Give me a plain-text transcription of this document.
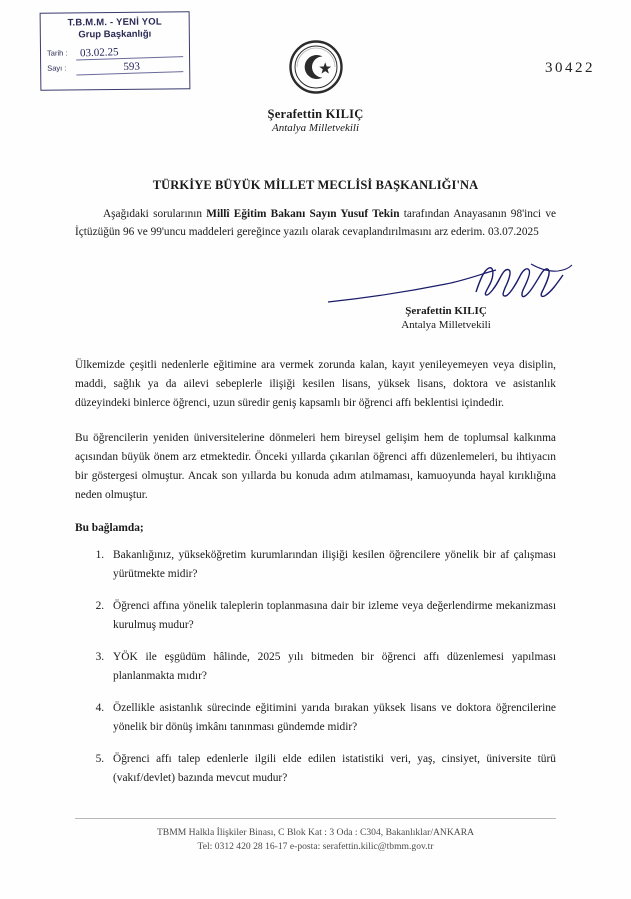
T.B.M.M. - YENİ YOL
Grup Başkanlığı
Tarih :	03.02.25
Sayı :	593	30422
Şerafettin KILIÇ
Antalya Milletvekili
TÜRKİYE BÜYÜK MİLLET MECLİSİ BAŞKANLIĞI'NA
Aşağıdaki sorularının Millî Eğitim Bakanı Sayın Yusuf Tekin tarafından Anayasanın 98'inci ve İçtüzüğün 96 ve 99'uncu maddeleri gereğince yazılı olarak cevaplandırılmasını arz ederim. 03.07.2025
Şerafettin KILIÇ
Antalya Milletvekili
Ülkemizde çeşitli nedenlerle eğitimine ara vermek zorunda kalan, kayıt yenileyemeyen veya disiplin, maddi, sağlık ya da ailevi sebeplerle ilişiği kesilen lisans, yüksek lisans, doktora ve asistanlık düzeyindeki binlerce öğrenci, uzun süredir geniş kapsamlı bir öğrenci affı beklentisi içindedir.
Bu öğrencilerin yeniden üniversitelerine dönmeleri hem bireysel gelişim hem de toplumsal kalkınma açısından büyük önem arz etmektedir. Önceki yıllarda çıkarılan öğrenci affı düzenlemeleri, bu ihtiyacın bir göstergesi olmuştur. Ancak son yıllarda bu konuda adım atılmaması, kamuoyunda hayal kırıklığına neden olmuştur.
Bu bağlamda;
1. Bakanlığınız, yükseköğretim kurumlarından ilişiği kesilen öğrencilere yönelik bir af çalışması yürütmekte midir?
2. Öğrenci affına yönelik taleplerin toplanmasına dair bir izleme veya değerlendirme mekanizması kurulmuş mudur?
3. YÖK ile eşgüdüm hâlinde, 2025 yılı bitmeden bir öğrenci affı düzenlemesi yapılması planlanmakta mıdır?
4. Özellikle asistanlık sürecinde eğitimini yarıda bırakan yüksek lisans ve doktora öğrencilerine yönelik bir dönüş imkânı tanınması gündemde midir?
5. Öğrenci affı talep edenlerle ilgili elde edilen istatistiki veri, yaş, cinsiyet, üniversite türü (vakıf/devlet) bazında mevcut mudur?
TBMM Halkla İlişkiler Binası, C Blok Kat : 3 Oda : C304, Bakanlıklar/ANKARA
Tel: 0312 420 28 16-17 e-posta: serafettin.kilic@tbmm.gov.tr
